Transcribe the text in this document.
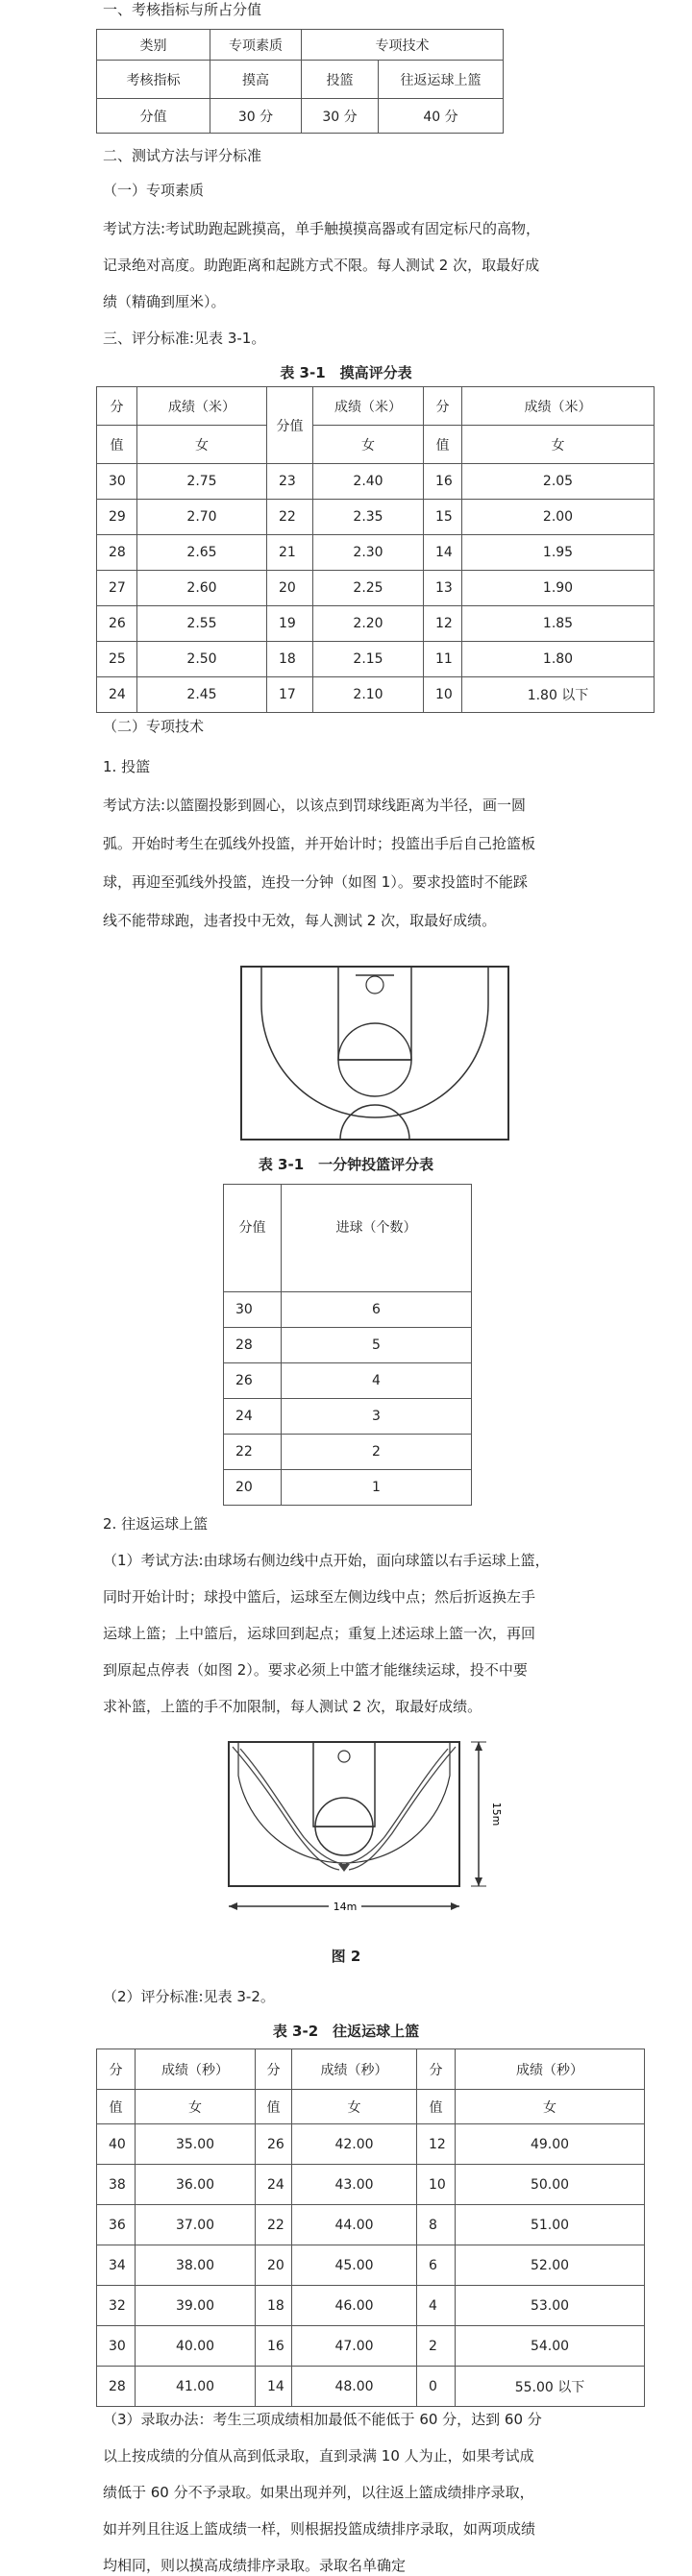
一、考核指标与所占分值

类别	专项素质	专项技术	
考核指标	摸高	投篮	往返运球上篮
分值	30 分	30 分	40 分

二、测试方法与评分标准

（一）专项素质

考试方法:考试助跑起跳摸高，单手触摸摸高器或有固定标尺的高物，

记录绝对高度。助跑距离和起跳方式不限。每人测试 2 次，取最好成

绩（精确到厘米）。

三、评分标准:见表 3-1。

表 3-1　摸高评分表
分	成绩（米）	分值	成绩（米）	分	成绩（米）
值	女		女	值	女
30	2.75	23	2.40	16	2.05
29	2.70	22	2.35	15	2.00
28	2.65	21	2.30	14	1.95
27	2.60	20	2.25	13	1.90
26	2.55	19	2.20	12	1.85
25	2.50	18	2.15	11	1.80
24	2.45	17	2.10	10	1.80 以下

（二）专项技术

1. 投篮

考试方法:以篮圈投影到圆心，以该点到罚球线距离为半径，画一圆

弧。开始时考生在弧线外投篮，并开始计时；投篮出手后自己抢篮板

球，再迎至弧线外投篮，连投一分钟（如图 1）。要求投篮时不能踩

线不能带球跑，违者投中无效，每人测试 2 次，取最好成绩。

表 3-1　一分钟投篮评分表
分值	进球（个数）
30	6
28	5
26	4
24	3
22	2
20	1

2. 往返运球上篮

（1）考试方法:由球场右侧边线中点开始，面向球篮以右手运球上篮，

同时开始计时；球投中篮后，运球至左侧边线中点；然后折返换左手

运球上篮；上中篮后，运球回到起点；重复上述运球上篮一次，再回

到原起点停表（如图 2）。要求必须上中篮才能继续运球，投不中要

求补篮，上篮的手不加限制，每人测试 2 次，取最好成绩。

15m
14m
图 2

（2）评分标准:见表 3-2。

表 3-2　往返运球上篮
分	成绩（秒）	分	成绩（秒）	分	成绩（秒）
值	女	值	女	值	女
40	35.00	26	42.00	12	49.00
38	36.00	24	43.00	10	50.00
36	37.00	22	44.00	8	51.00
34	38.00	20	45.00	6	52.00
32	39.00	18	46.00	4	53.00
30	40.00	16	47.00	2	54.00
28	41.00	14	48.00	0	55.00 以下

（3）录取办法：考生三项成绩相加最低不能低于 60 分，达到 60 分

以上按成绩的分值从高到低录取，直到录满 10 人为止，如果考试成

绩低于 60 分不予录取。如果出现并列，以往返上篮成绩排序录取，

如并列且往返上篮成绩一样，则根据投篮成绩排序录取，如两项成绩

均相同，则以摸高成绩排序录取。录取名单确定
